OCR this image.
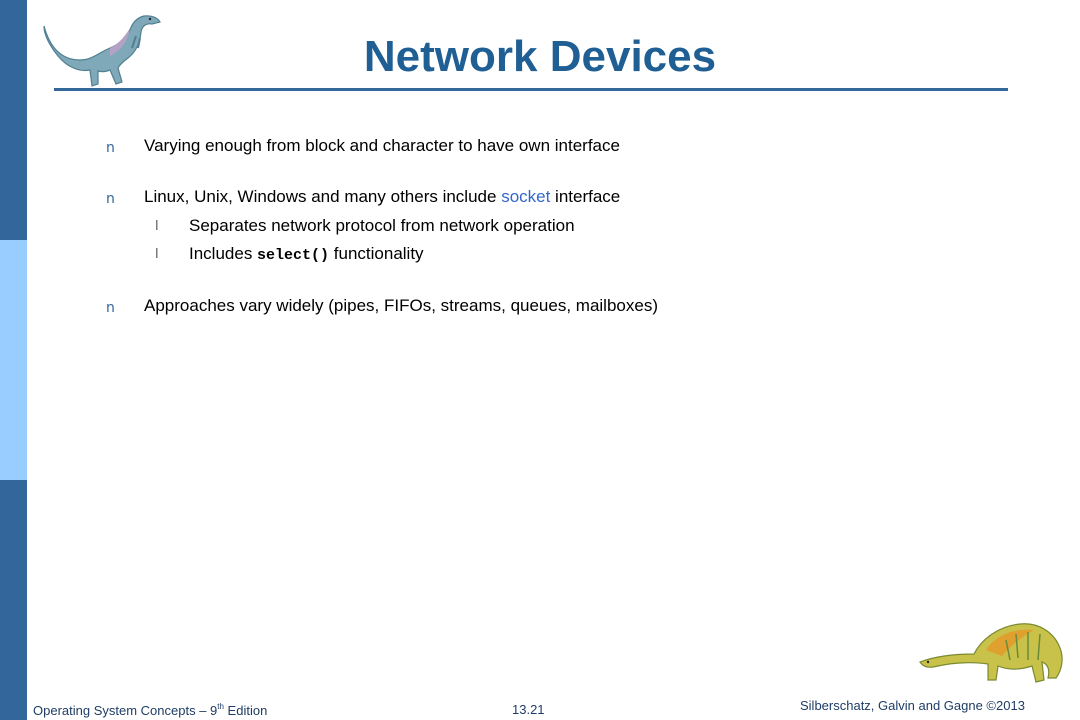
Network Devices
n Varying enough from block and character to have own interface
n Linux, Unix, Windows and many others include socket interface
l Separates network protocol from network operation
l Includes select() functionality
n Approaches vary widely (pipes, FIFOs, streams, queues, mailboxes)
Operating System Concepts – 9th Edition	13.21	Silberschatz, Galvin and Gagne ©2013
